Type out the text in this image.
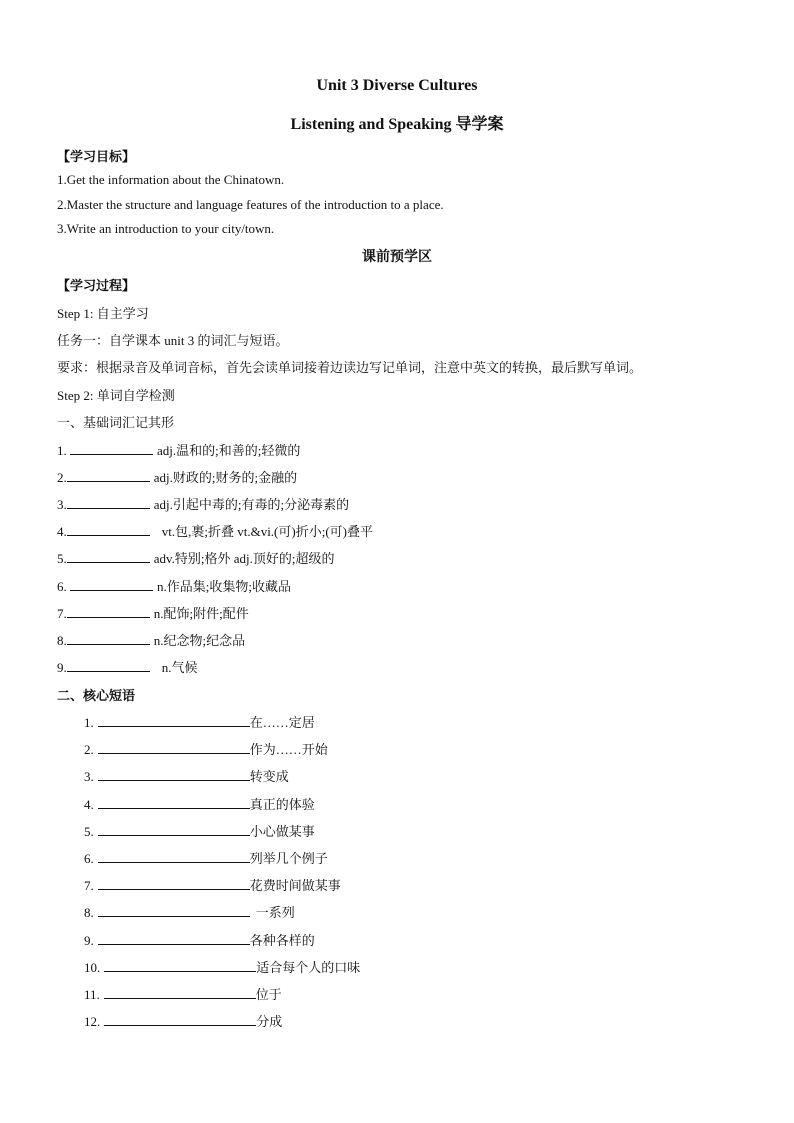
Unit 3 Diverse Cultures
Listening and Speaking 导学案
【学习目标】
1.Get the information about the Chinatown.
2.Master the structure and language features of the introduction to a place.
3.Write an introduction to your city/town.
课前预学区
【学习过程】
Step 1: 自主学习
任务一：自学课本 unit 3 的词汇与短语。
要求：根据录音及单词音标，首先会读单词接着边读边写记单词，注意中英文的转换，最后默写单词。
Step 2: 单词自学检测
一、基础词汇记其形
1.	adj.温和的;和善的;轻微的
2.	adj.财政的;财务的;金融的
3.	adj.引起中毒的;有毒的;分泌毒素的
4.	vt.包,裹;折叠 vt.&vi.(可)折小;(可)叠平
5.	adv.特别;格外 adj.顶好的;超级的
6.	n.作品集;收集物;收藏品
7.	n.配饰;附件;配件
8.	n.纪念物;纪念品
9.	n.气候
二、核心短语
1.	在……定居
2.	作为……开始
3.	转变成
4.	真正的体验
5.	小心做某事
6.	列举几个例子
7.	花费时间做某事
8.	一系列
9.	各种各样的
10.	适合每个人的口味
11.	位于
12.	分成
